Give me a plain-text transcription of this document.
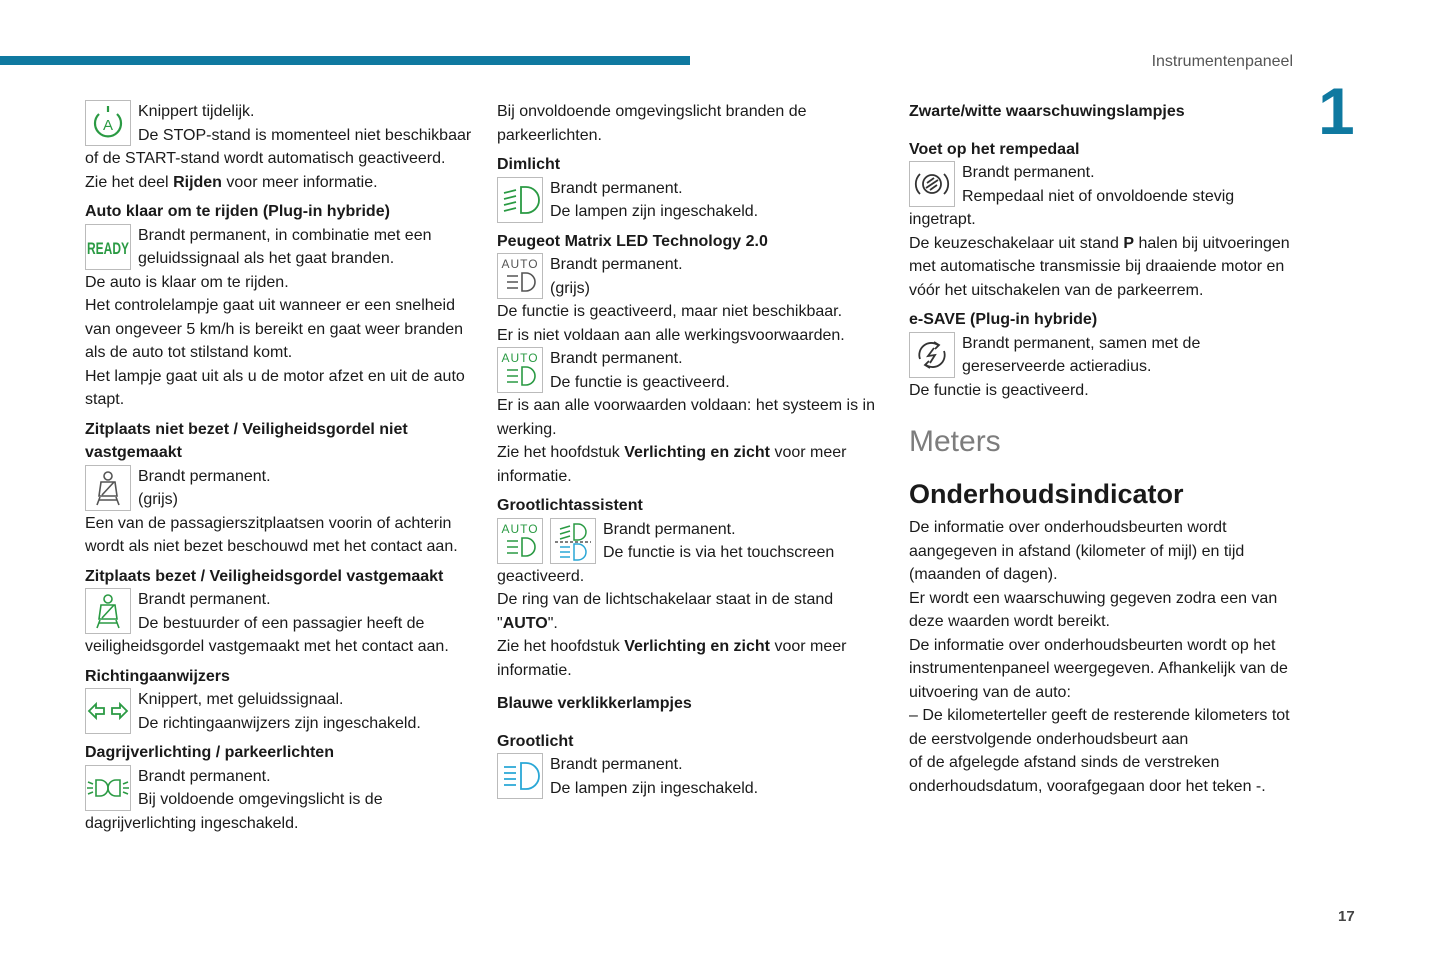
Instrumentenpaneel
1
17
A

Knippert tijdelijk.

De STOP-stand is momenteel niet beschikbaar of de START-stand wordt automatisch geactiveerd.

Zie het deel Rijden voor meer informatie.

Auto klaar om te rijden (Plug-in hybride)

READY

Brandt permanent, in combinatie met een geluidssignaal als het gaat branden.

De auto is klaar om te rijden.

Het controlelampje gaat uit wanneer er een snelheid van ongeveer 5 km/h is bereikt en gaat weer branden als de auto tot stilstand komt.

Het lampje gaat uit als u de motor afzet en uit de auto stapt.

Zitplaats niet bezet / Veiligheidsgordel niet vastgemaakt

Brandt permanent.

(grijs)

Een van de passagierszitplaatsen voorin of achterin wordt als niet bezet beschouwd met het contact aan.

Zitplaats bezet / Veiligheidsgordel vastgemaakt

Brandt permanent.

De bestuurder of een passagier heeft de veiligheidsgordel vastgemaakt met het contact aan.

Richtingaanwijzers

Knippert, met geluidssignaal.

De richtingaanwijzers zijn ingeschakeld.

Dagrijverlichting / parkeerlichten

Brandt permanent.

Bij voldoende omgevingslicht is de dagrijverlichting ingeschakeld.

Bij onvoldoende omgevingslicht branden de parkeerlichten.

Dimlicht

Brandt permanent.

De lampen zijn ingeschakeld.

Peugeot Matrix LED Technology 2.0

AUTO Brandt permanent.

(grijs)

De functie is geactiveerd, maar niet beschikbaar.

Er is niet voldaan aan alle werkingsvoorwaarden.

AUTO Brandt permanent.

De functie is geactiveerd.

Er is aan alle voorwaarden voldaan: het systeem is in werking.

Zie het hoofdstuk Verlichting en zicht voor meer informatie.

Grootlichtassistent

AUTO	Brandt permanent.

De functie is via het touchscreen geactiveerd.

De ring van de lichtschakelaar staat in de stand

"AUTO".

Zie het hoofdstuk Verlichting en zicht voor meer informatie.

Blauwe verklikkerlampjes

Grootlicht

Brandt permanent.

De lampen zijn ingeschakeld.

Zwarte/witte waarschuwingslampjes

Voet op het rempedaal

Brandt permanent.

Rempedaal niet of onvoldoende stevig ingetrapt.

De keuzeschakelaar uit stand P halen bij uitvoeringen met automatische transmissie bij draaiende motor en vóór het uitschakelen van de parkeerrem.

e-SAVE (Plug-in hybride)

Brandt permanent, samen met de gereserveerde actieradius.

De functie is geactiveerd.

Meters

Onderhoudsindicator

De informatie over onderhoudsbeurten wordt aangegeven in afstand (kilometer of mijl) en tijd (maanden of dagen).

Er wordt een waarschuwing gegeven zodra een van deze waarden wordt bereikt.

De informatie over onderhoudsbeurten wordt op het instrumentenpaneel weergegeven. Afhankelijk van de uitvoering van de auto:

– De kilometerteller geeft de resterende kilometers tot de eerstvolgende onderhoudsbeurt aan

of de afgelegde afstand sinds de verstreken onderhoudsdatum, voorafgegaan door het teken -.
